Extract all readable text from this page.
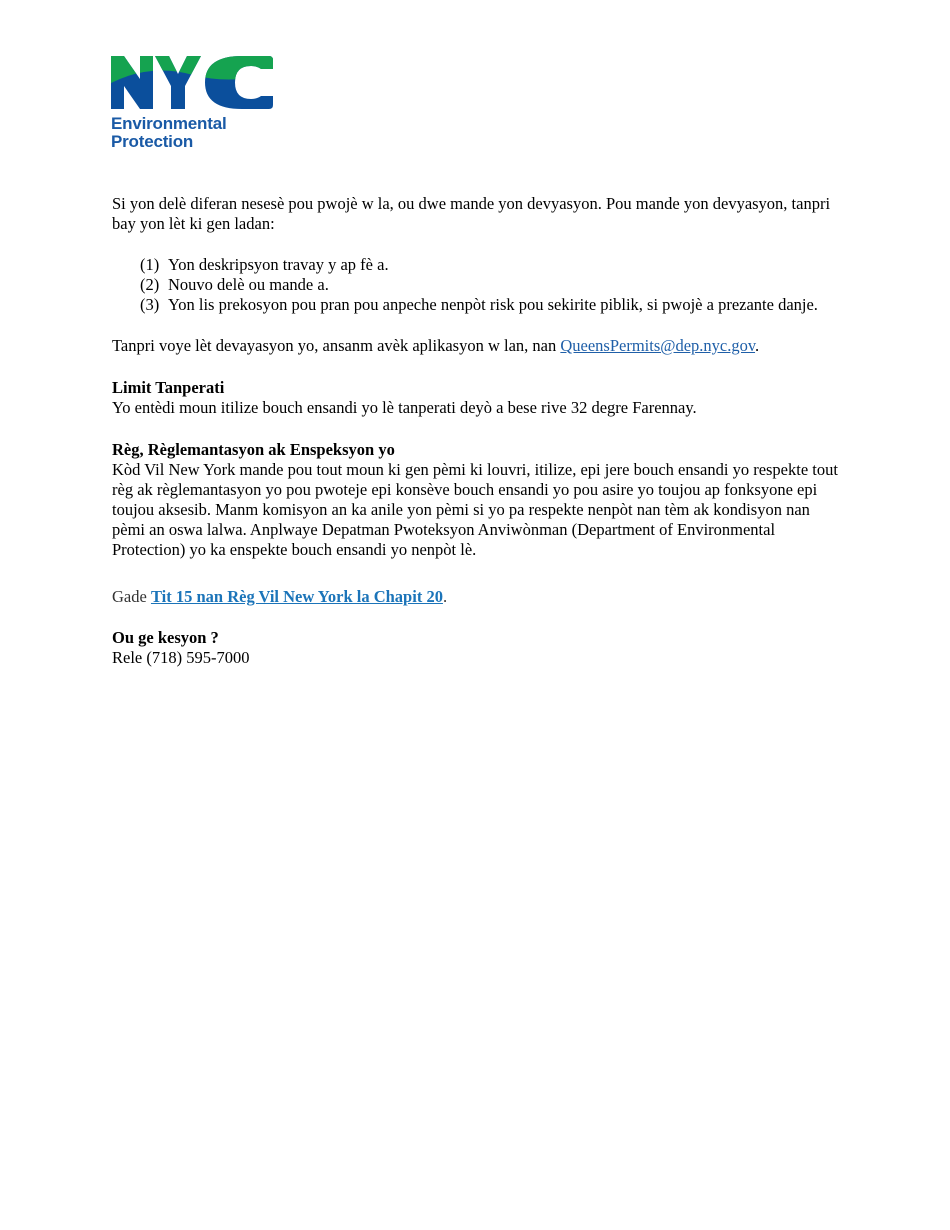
Environmental
Protection

Si yon delè diferan nesesè pou pwojè w la, ou dwe mande yon devyasyon. Pou mande yon devyasyon, tanpri bay yon lèt ki gen ladan:

(1) Yon deskripsyon travay y ap fè a.
(2) Nouvo delè ou mande a.
(3) Yon lis prekosyon pou pran pou anpeche nenpòt risk pou sekirite piblik, si pwojè a prezante danje.

Tanpri voye lèt devayasyon yo, ansanm avèk aplikasyon w lan, nan QueensPermits@dep.nyc.gov.

Limit Tanperati

Yo entèdi moun itilize bouch ensandi yo lè tanperati deyò a bese rive 32 degre Farennay.

Règ, Règlemantasyon ak Enspeksyon yo

Kòd Vil New York mande pou tout moun ki gen pèmi ki louvri, itilize, epi jere bouch ensandi yo respekte tout règ ak règlemantasyon yo pou pwoteje epi konsève bouch ensandi yo pou asire yo toujou ap fonksyone epi toujou aksesib. Manm komisyon an ka anile yon pèmi si yo pa respekte nenpòt nan tèm ak kondisyon nan pèmi an oswa lalwa. Anplwaye Depatman Pwoteksyon Anviwònman (Department of Environmental Protection) yo ka enspekte bouch ensandi yo nenpòt lè.

Gade Tit 15 nan Règ Vil New York la Chapit 20.

Ou ge kesyon ?

Rele (718) 595-7000
